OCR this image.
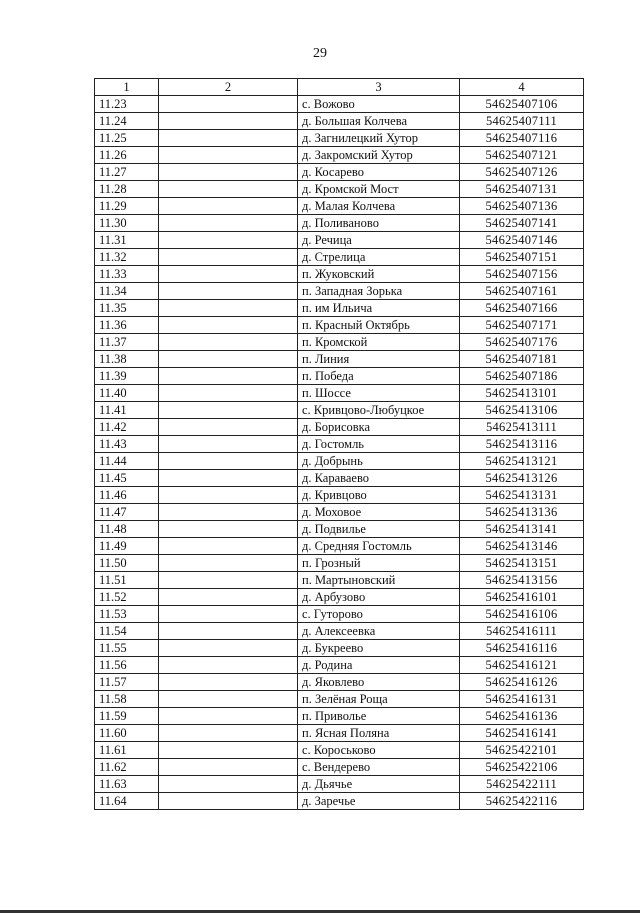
29
1	2	3	4
11.23		с. Вожово	54625407106
11.24		д. Большая Колчева	54625407111
11.25		д. Загнилецкий Хутор	54625407116
11.26		д. Закромский Хутор	54625407121
11.27		д. Косарево	54625407126
11.28		д. Кромской Мост	54625407131
11.29		д. Малая Колчева	54625407136
11.30		д. Поливаново	54625407141
11.31		д. Речица	54625407146
11.32		д. Стрелица	54625407151
11.33		п. Жуковский	54625407156
11.34		п. Западная Зорька	54625407161
11.35		п. им Ильича	54625407166
11.36		п. Красный Октябрь	54625407171
11.37		п. Кромской	54625407176
11.38		п. Линия	54625407181
11.39		п. Победа	54625407186
11.40		п. Шоссе	54625413101
11.41		с. Кривцово-Любуцкое	54625413106
11.42		д. Борисовка	54625413111
11.43		д. Гостомль	54625413116
11.44		д. Добрынь	54625413121
11.45		д. Караваево	54625413126
11.46		д. Кривцово	54625413131
11.47		д. Моховое	54625413136
11.48		д. Подвилье	54625413141
11.49		д. Средняя Гостомль	54625413146
11.50		п. Грозный	54625413151
11.51		п. Мартыновский	54625413156
11.52		д. Арбузово	54625416101
11.53		с. Гуторово	54625416106
11.54		д. Алексеевка	54625416111
11.55		д. Букреево	54625416116
11.56		д. Родина	54625416121
11.57		д. Яковлево	54625416126
11.58		п. Зелёная Роща	54625416131
11.59		п. Приволье	54625416136
11.60		п. Ясная Поляна	54625416141
11.61		с. Короськово	54625422101
11.62		с. Вендерево	54625422106
11.63		д. Дьячье	54625422111
11.64		д. Заречье	54625422116
